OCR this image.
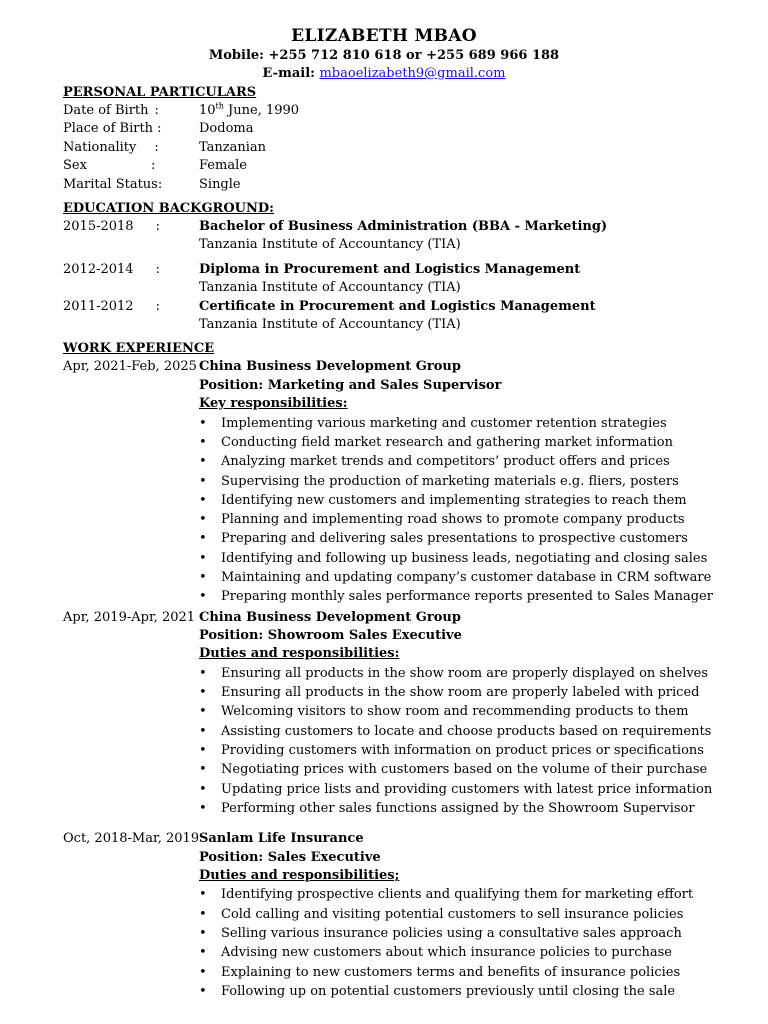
ELIZABETH MBAO
Mobile: +255 712 810 618 or +255 689 966 188
E-mail: mbaoelizabeth9@gmail.com
PERSONAL PARTICULARS
Date of Birth :	10th June, 1990
Place of Birth :	Dodoma
Nationality :	Tanzanian
Sex	:	Female
Marital Status:	Single
EDUCATION BACKGROUND:
2015-2018 :	Bachelor of Business Administration (BBA - Marketing)
Tanzania Institute of Accountancy (TIA)
2012-2014 :	Diploma in Procurement and Logistics Management
Tanzania Institute of Accountancy (TIA)
2011-2012 :	Certificate in Procurement and Logistics Management
Tanzania Institute of Accountancy (TIA)
WORK EXPERIENCE
Apr, 2021-Feb, 2025 China Business Development Group
Position: Marketing and Sales Supervisor
Key responsibilities:
• Implementing various marketing and customer retention strategies
• Conducting field market research and gathering market information
• Analyzing market trends and competitors’ product offers and prices
• Supervising the production of marketing materials e.g. fliers, posters
• Identifying new customers and implementing strategies to reach them
• Planning and implementing road shows to promote company products
• Preparing and delivering sales presentations to prospective customers
• Identifying and following up business leads, negotiating and closing sales
• Maintaining and updating company’s customer database in CRM software
• Preparing monthly sales performance reports presented to Sales Manager
Apr, 2019-Apr, 2021 China Business Development Group
Position: Showroom Sales Executive
Duties and responsibilities:
• Ensuring all products in the show room are properly displayed on shelves
• Ensuring all products in the show room are properly labeled with priced
• Welcoming visitors to show room and recommending products to them
• Assisting customers to locate and choose products based on requirements
• Providing customers with information on product prices or specifications
• Negotiating prices with customers based on the volume of their purchase
• Updating price lists and providing customers with latest price information
• Performing other sales functions assigned by the Showroom Supervisor
Oct, 2018-Mar, 2019 Sanlam Life Insurance
Position: Sales Executive
Duties and responsibilities;
• Identifying prospective clients and qualifying them for marketing effort
• Cold calling and visiting potential customers to sell insurance policies
• Selling various insurance policies using a consultative sales approach
• Advising new customers about which insurance policies to purchase
• Explaining to new customers terms and benefits of insurance policies
• Following up on potential customers previously until closing the sale
